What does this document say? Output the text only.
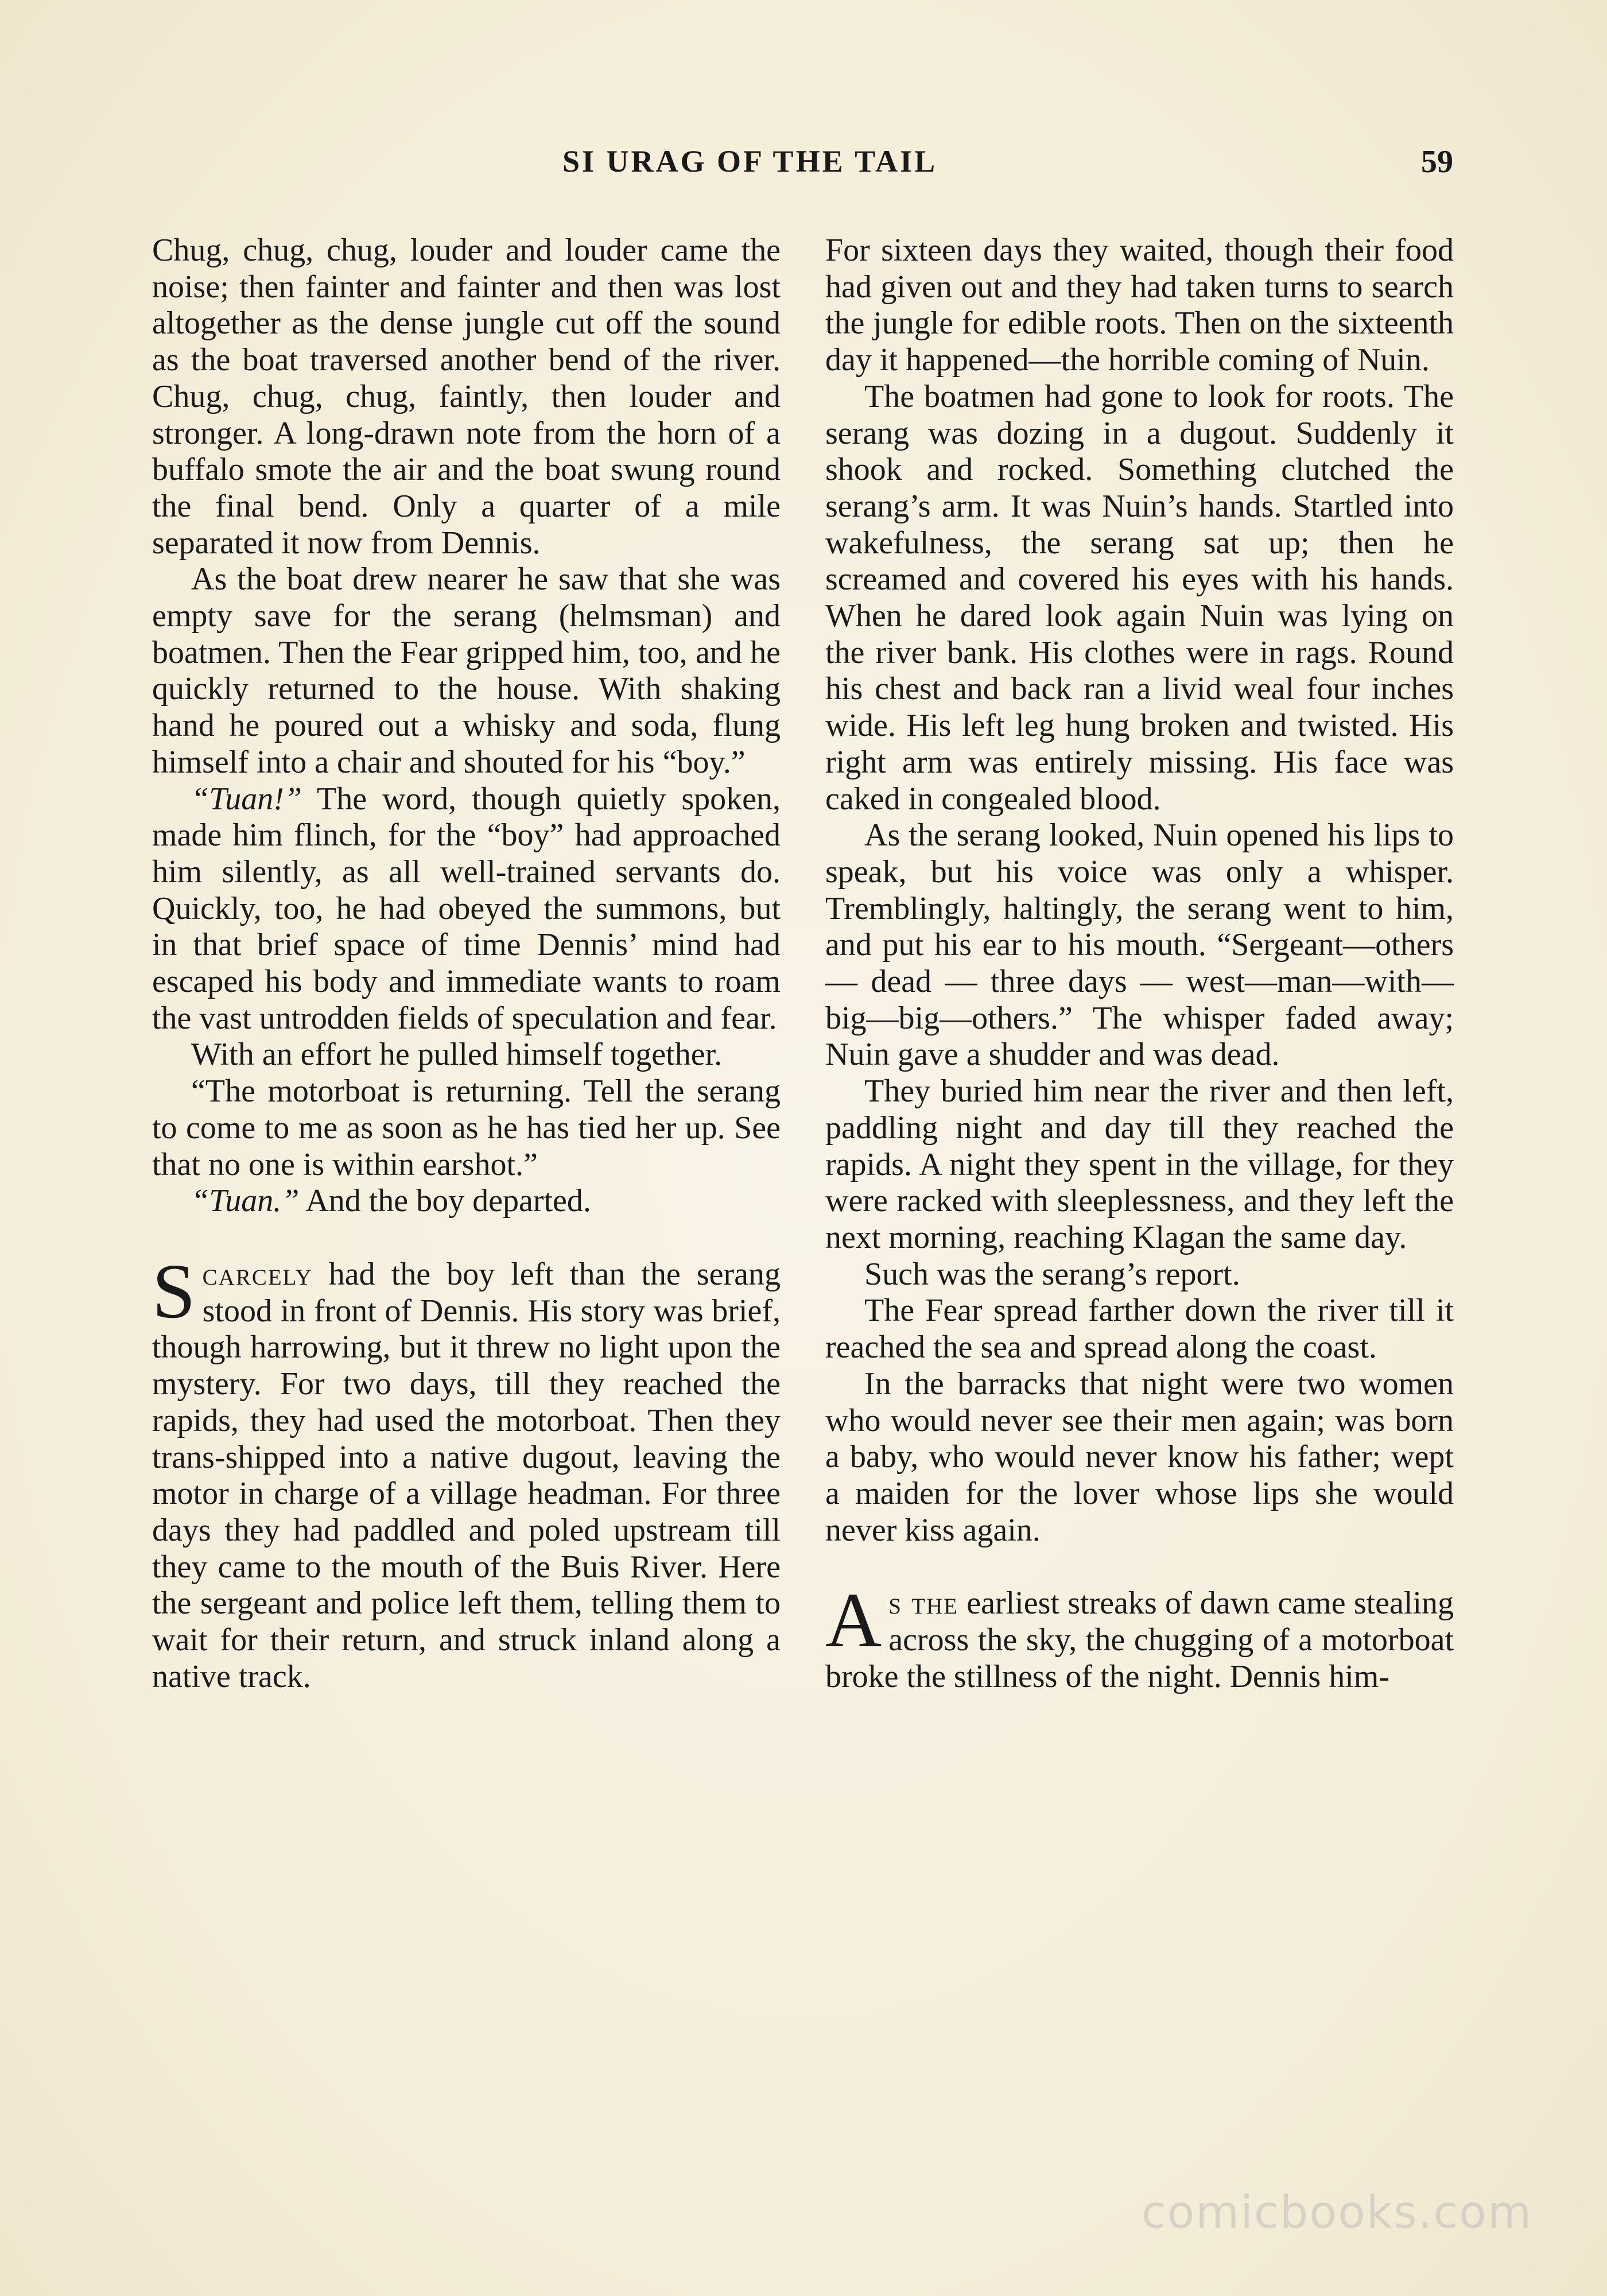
SI URAG OF THE TAIL	59

Chug, chug, chug, louder and louder came the noise; then fainter and fainter and then was lost altogether as the dense jungle cut off the sound as the boat traversed another bend of the river. Chug, chug, chug, faintly, then louder and stronger. A long-drawn note from the horn of a buffalo smote the air and the boat swung round the final bend. Only a quarter of a mile separated it now from Dennis.

As the boat drew nearer he saw that she was empty save for the serang (helmsman) and boatmen. Then the Fear gripped him, too, and he quickly returned to the house. With shaking hand he poured out a whisky and soda, flung himself into a chair and shouted for his “boy.”

“Tuan!” The word, though quietly spoken, made him flinch, for the “boy” had approached him silently, as all well-trained servants do. Quickly, too, he had obeyed the summons, but in that brief space of time Dennis’ mind had escaped his body and immediate wants to roam the vast untrodden fields of speculation and fear.

With an effort he pulled himself together.

“The motorboat is returning. Tell the serang to come to me as soon as he has tied her up. See that no one is within earshot.”

“Tuan.” And the boy departed.

Scarcely had the boy left than the serang stood in front of Dennis. His story was brief, though harrowing, but it threw no light upon the mystery. For two days, till they reached the rapids, they had used the motorboat. Then they trans-shipped into a native dugout, leaving the motor in charge of a village headman. For three days they had paddled and poled upstream till they came to the mouth of the Buis River. Here the sergeant and police left them, telling them to wait for their return, and struck inland along a native track.

For sixteen days they waited, though their food had given out and they had taken turns to search the jungle for edible roots. Then on the sixteenth day it happened—the horrible coming of Nuin.

The boatmen had gone to look for roots. The serang was dozing in a dugout. Suddenly it shook and rocked. Something clutched the serang’s arm. It was Nuin’s hands. Startled into wakefulness, the serang sat up; then he screamed and covered his eyes with his hands. When he dared look again Nuin was lying on the river bank. His clothes were in rags. Round his chest and back ran a livid weal four inches wide. His left leg hung broken and twisted. His right arm was entirely missing. His face was caked in congealed blood.

As the serang looked, Nuin opened his lips to speak, but his voice was only a whisper. Tremblingly, haltingly, the serang went to him, and put his ear to his mouth. “Sergeant—others — dead — three days — west—man—with—big—big—others.” The whisper faded away; Nuin gave a shudder and was dead.

They buried him near the river and then left, paddling night and day till they reached the rapids. A night they spent in the village, for they were racked with sleeplessness, and they left the next morning, reaching Klagan the same day.

Such was the serang’s report.

The Fear spread farther down the river till it reached the sea and spread along the coast.

In the barracks that night were two women who would never see their men again; was born a baby, who would never know his father; wept a maiden for the lover whose lips she would never kiss again.

As the earliest streaks of dawn came stealing across the sky, the chugging of a motorboat broke the stillness of the night. Dennis him-

comicbooks.com
